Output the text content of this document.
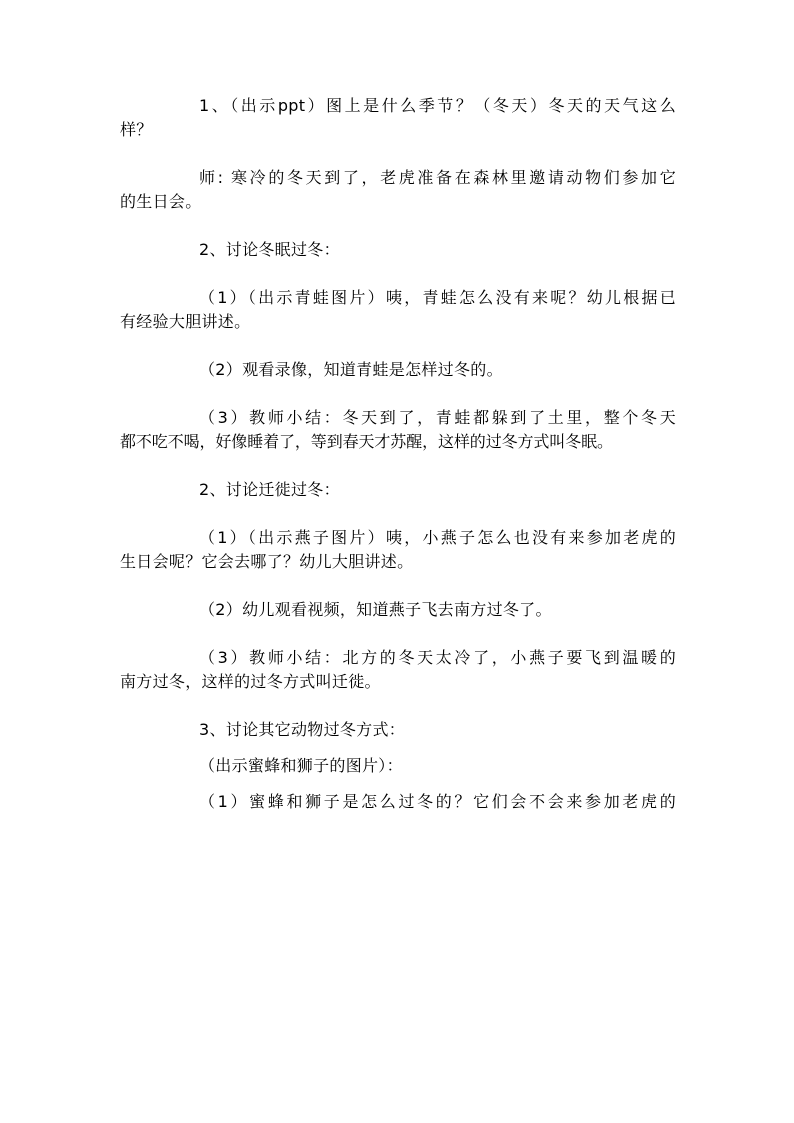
1、（出示ppt）图上是什么季节？（冬天）冬天的天气这么
样？
师: 寒冷的冬天到了，老虎准备在森林里邀请动物们参加它
的生日会。
2、讨论冬眠过冬：
（1）（出示青蛙图片）咦，青蛙怎么没有来呢？幼儿根据已
有经验大胆讲述。
（2）观看录像，知道青蛙是怎样过冬的。
（3）教师小结：冬天到了，青蛙都躲到了土里，整个冬天
都不吃不喝，好像睡着了，等到春天才苏醒，这样的过冬方式叫冬眠。
2、讨论迁徙过冬：
（1）（出示燕子图片）咦，小燕子怎么也没有来参加老虎的
生日会呢？它会去哪了？幼儿大胆讲述。
（2）幼儿观看视频，知道燕子飞去南方过冬了。
（3）教师小结：北方的冬天太冷了，小燕子要飞到温暖的
南方过冬，这样的过冬方式叫迁徙。
3、讨论其它动物过冬方式：
（出示蜜蜂和狮子的图片）：
（1）蜜蜂和狮子是怎么过冬的？它们会不会来参加老虎的
